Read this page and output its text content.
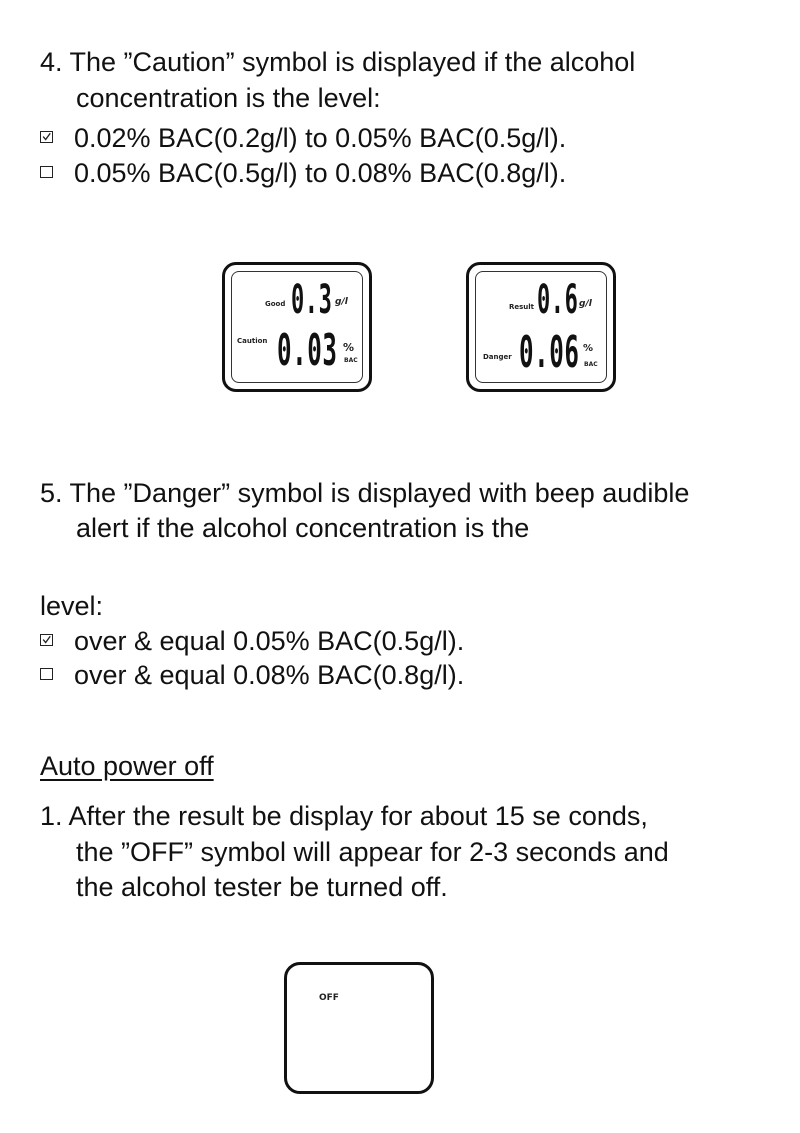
4. The ”Caution” symbol is displayed if the alcohol
concentration is the level:
0.02% BAC(0.2g/l) to 0.05% BAC(0.5g/l).
0.05% BAC(0.5g/l) to 0.08% BAC(0.8g/l).
Good 0.3 g/l
Caution 0.03 %
BAC
Result 0.6 g/l
Danger 0.06 %
BAC
5. The ”Danger” symbol is displayed with beep audible
alert if the alcohol concentration is the
level:
over & equal 0.05% BAC(0.5g/l).
over & equal 0.08% BAC(0.8g/l).
Auto power off
1. After the result be display for about 15 se conds,
the ”OFF” symbol will appear for 2-3 seconds and
the alcohol tester be turned off.
OFF
